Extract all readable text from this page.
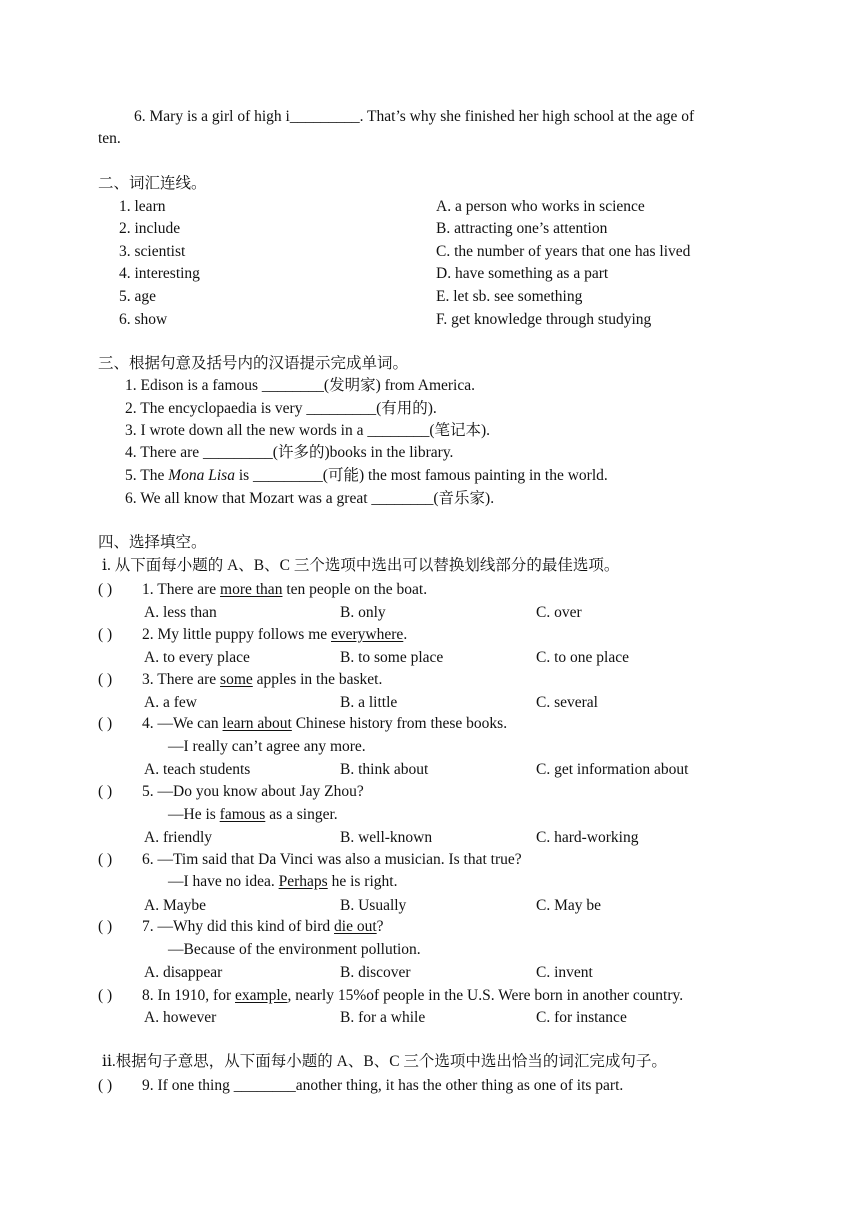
6. Mary is a girl of high i_________. That’s why she finished her high school at the age of
ten.
二、词汇连线。
1. learn
2. include
3. scientist
4. interesting
5. age
6. show
A. a person who works in science
B. attracting one’s attention
C. the number of years that one has lived
D. have something as a part
E. let sb. see something
F. get knowledge through studying
三、根据句意及括号内的汉语提示完成单词。
1. Edison is a famous ________(发明家) from America.
2. The encyclopaedia is very _________(有用的).
3. I wrote down all the new words in a ________(笔记本).
4. There are _________(许多的)books in the library.
5. The Mona Lisa is _________(可能) the most famous painting in the world.
6. We all know that Mozart was a great ________(音乐家).
四、选择填空。
ⅰ. 从下面每小题的 A、B、C 三个选项中选出可以替换划线部分的最佳选项。
( ) 1. There are more than ten people on the boat.
A. less than	B. only	C. over
( ) 2. My little puppy follows me everywhere.
A. to every place	B. to some place	C. to one place
( ) 3. There are some apples in the basket.
A. a few	B. a little	C. several
( ) 4. —We can learn about Chinese history from these books.
—I really can’t agree any more.
A. teach students	B. think about	C. get information about
( ) 5. —Do you know about Jay Zhou?
—He is famous as a singer.
A. friendly	B. well-known	C. hard-working
( ) 6. —Tim said that Da Vinci was also a musician. Is that true?
—I have no idea. Perhaps he is right.
A. Maybe	B. Usually	C. May be
( ) 7. —Why did this kind of bird die out?
—Because of the environment pollution.
A. disappear	B. discover	C. invent
( ) 8. In 1910, for example, nearly 15%of people in the U.S. Were born in another country.
A. however	B. for a while	C. for instance
ⅱ.根据句子意思，从下面每小题的 A、B、C 三个选项中选出恰当的词汇完成句子。
( ) 9. If one thing ________another thing, it has the other thing as one of its part.
